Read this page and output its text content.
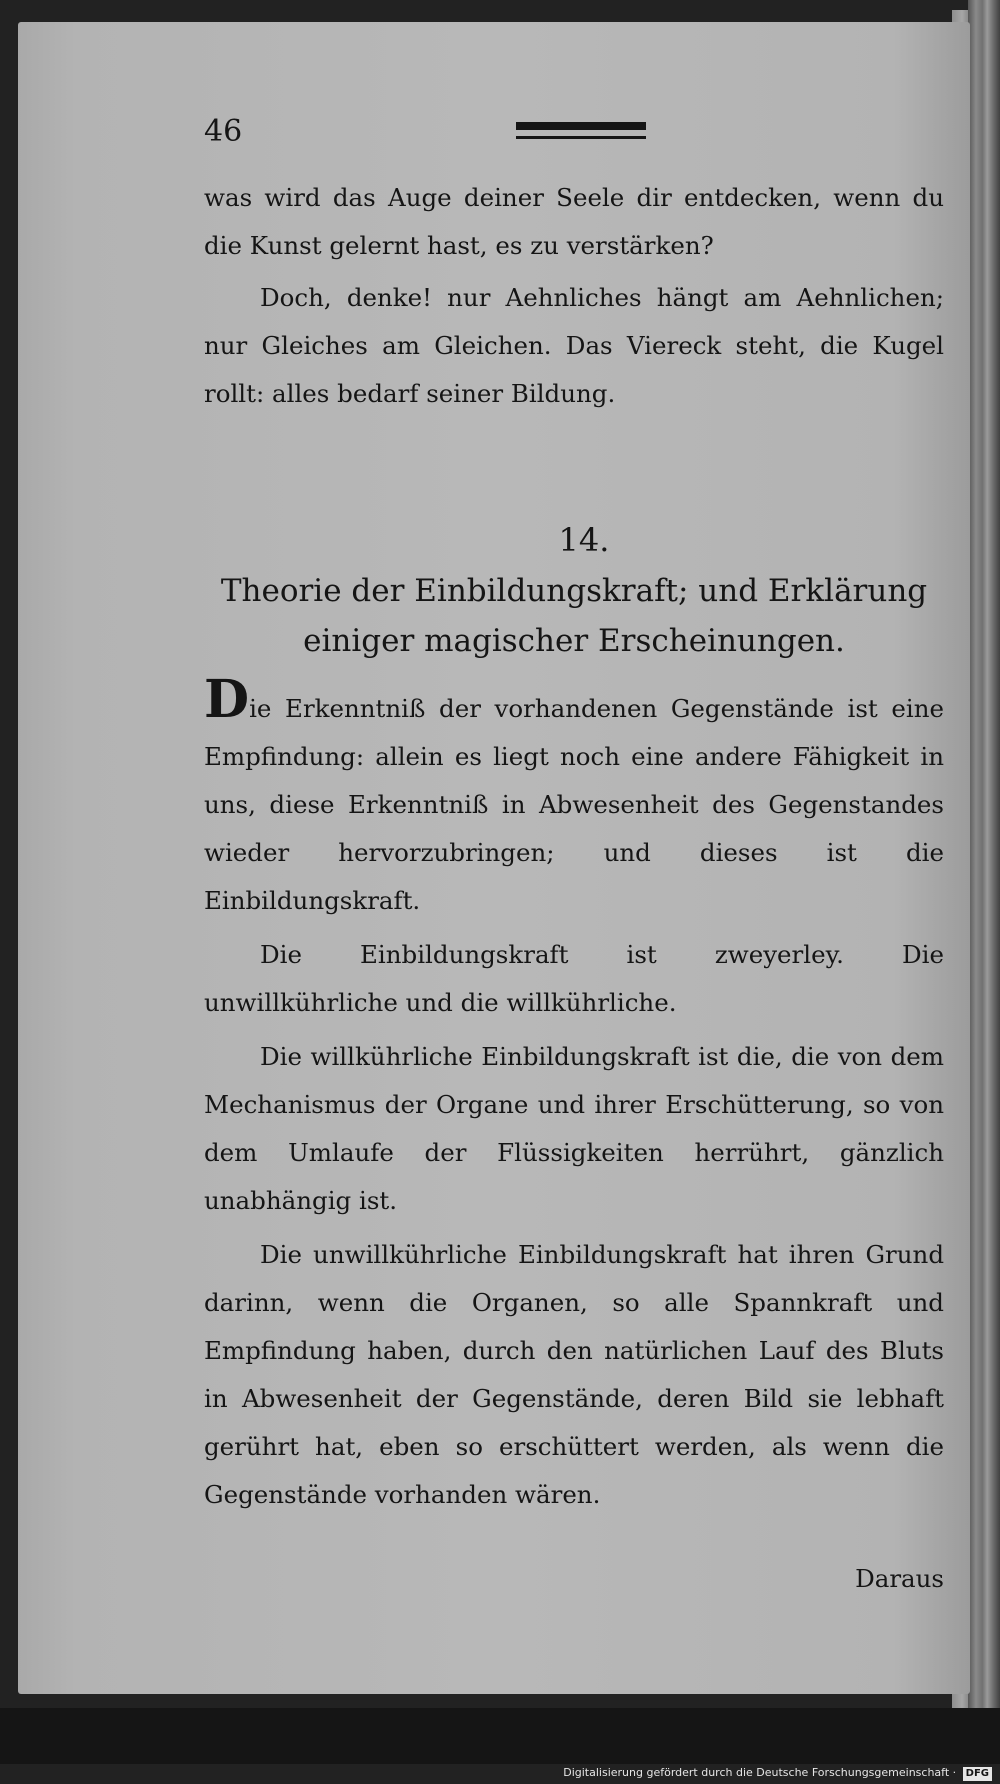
46

was wird das Auge deiner Seele dir entdecken, wenn du die Kunst gelernt hast, es zu verstärken?

Doch, denke! nur Aehnliches hängt am Aehnlichen; nur Gleiches am Gleichen. Das Viereck steht, die Kugel rollt: alles bedarf seiner Bildung.

14.
Theorie der Einbildungskraft; und Erklärung
einiger magischer Erscheinungen.

Die Erkenntniß der vorhandenen Gegenstände ist eine Empfindung: allein es liegt noch eine andere Fähigkeit in uns, diese Erkenntniß in Abwesenheit des Gegenstandes wieder hervorzubringen; und dieses ist die Einbildungskraft.

Die Einbildungskraft ist zweyerley. Die unwillkührliche und die willkührliche.

Die willkührliche Einbildungskraft ist die, die von dem Mechanismus der Organe und ihrer Erschütterung, so von dem Umlaufe der Flüssigkeiten herrührt, gänzlich unabhängig ist.

Die unwillkührliche Einbildungskraft hat ihren Grund darinn, wenn die Organen, so alle Spannkraft und Empfindung haben, durch den natürlichen Lauf des Bluts in Abwesenheit der Gegenstände, deren Bild sie lebhaft gerührt hat, eben so erschüttert werden, als wenn die Gegenstände vorhanden wären.

Daraus
Digitalisierung gefördert durch die Deutsche Forschungsgemeinschaft · DFG
